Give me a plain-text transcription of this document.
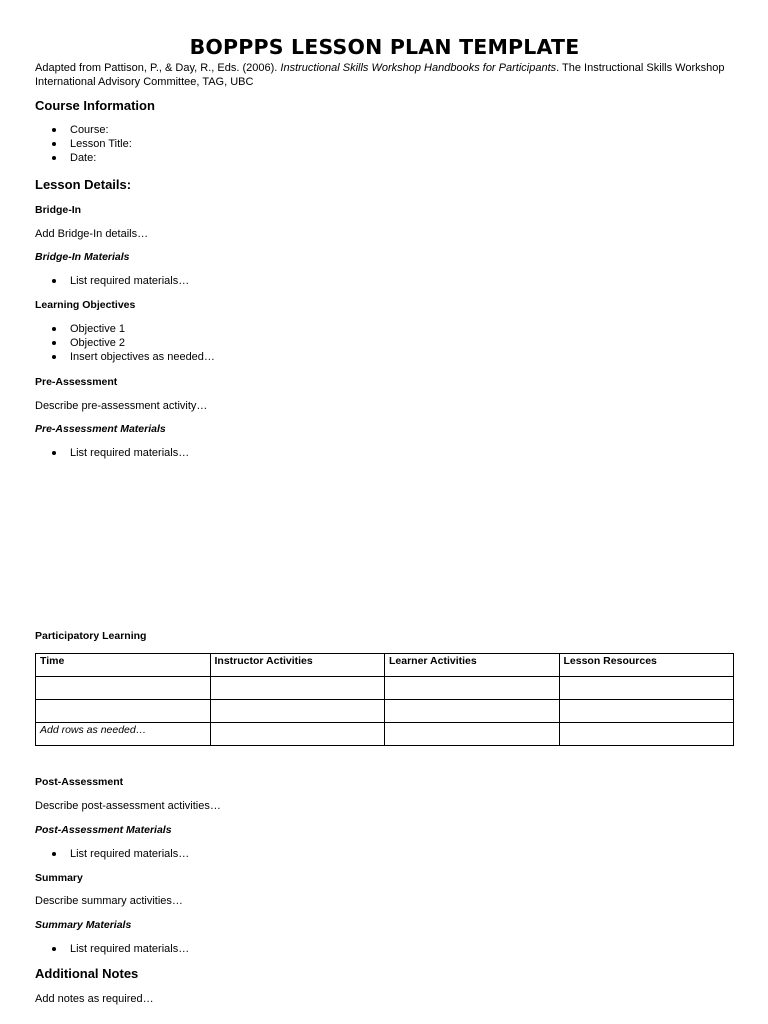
BOPPPS LESSON PLAN TEMPLATE

Adapted from Pattison, P., & Day, R., Eds. (2006). Instructional Skills Workshop Handbooks for Participants. The Instructional Skills Workshop International Advisory Committee, TAG, UBC

Course Information
Course:
Lesson Title:
Date:
Lesson Details:
Bridge-In

Add Bridge-In details…

Bridge-In Materials
List required materials…
Learning Objectives
Objective 1
Objective 2
Insert objectives as needed…
Pre-Assessment

Describe pre-assessment activity…

Pre-Assessment Materials
List required materials…
Participatory Learning
Time	Instructor Activities	Learner Activities	Lesson Resources

Add rows as needed…			
Post-Assessment

Describe post-assessment activities…

Post-Assessment Materials
List required materials…
Summary

Describe summary activities…

Summary Materials
List required materials…
Additional Notes

Add notes as required…
